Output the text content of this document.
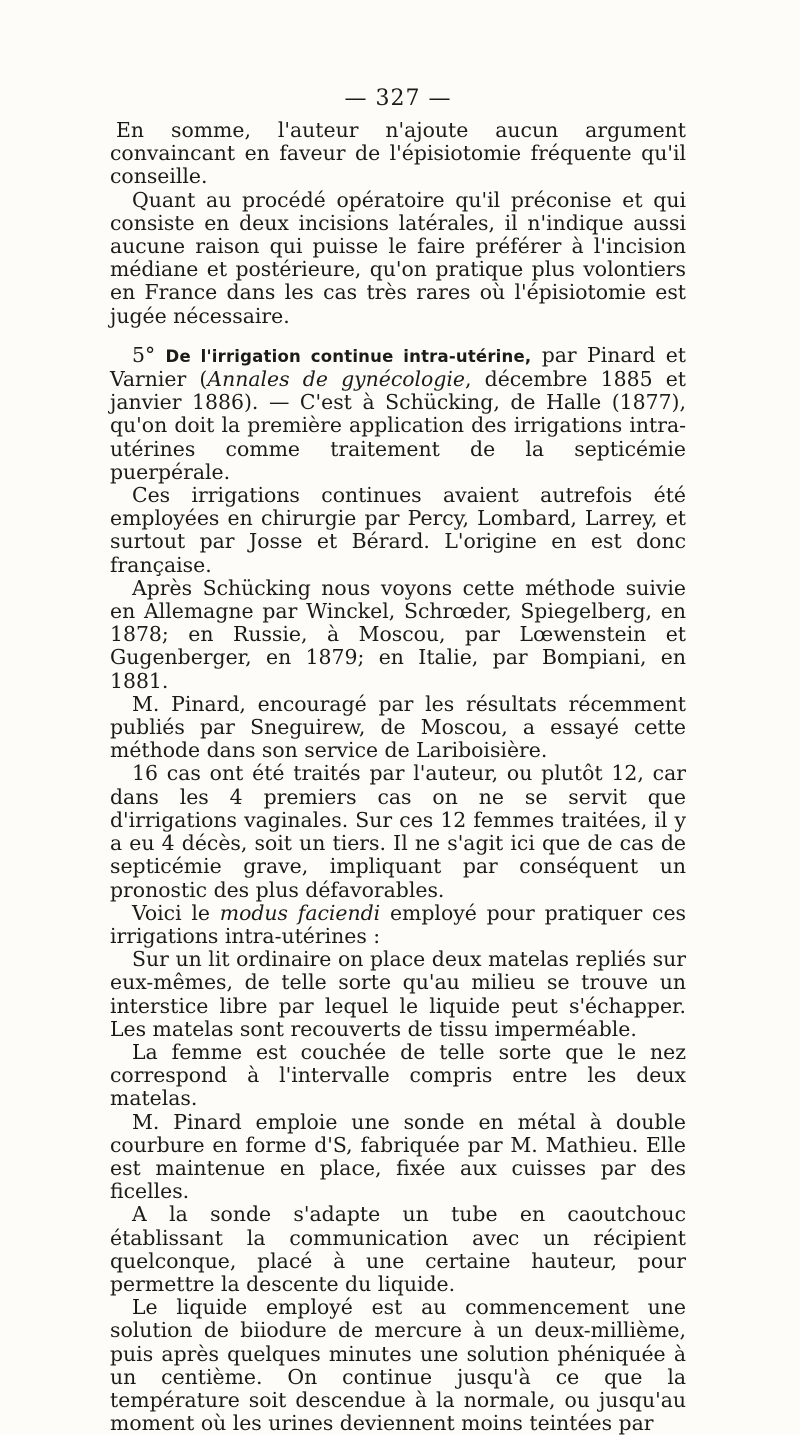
— 327 —

En somme, l'auteur n'ajoute aucun argument convaincant en faveur de l'épisiotomie fréquente qu'il conseille.

Quant au procédé opératoire qu'il préconise et qui consiste en deux incisions latérales, il n'indique aussi aucune raison qui puisse le faire préférer à l'incision médiane et postérieure, qu'on pratique plus volontiers en France dans les cas très rares où l'épisiotomie est jugée nécessaire.

5° De l'irrigation continue intra-utérine, par Pinard et Varnier (Annales de gynécologie, décembre 1885 et janvier 1886). — C'est à Schücking, de Halle (1877), qu'on doit la première application des irrigations intra-utérines comme traitement de la septicémie puerpérale.

Ces irrigations continues avaient autrefois été employées en chirurgie par Percy, Lombard, Larrey, et surtout par Josse et Bérard. L'origine en est donc française.

Après Schücking nous voyons cette méthode suivie en Allemagne par Winckel, Schrœder, Spiegelberg, en 1878; en Russie, à Moscou, par Lœwenstein et Gugenberger, en 1879; en Italie, par Bompiani, en 1881.

M. Pinard, encouragé par les résultats récemment publiés par Sneguirew, de Moscou, a essayé cette méthode dans son service de Lariboisière.

16 cas ont été traités par l'auteur, ou plutôt 12, car dans les 4 premiers cas on ne se servit que d'irrigations vaginales. Sur ces 12 femmes traitées, il y a eu 4 décès, soit un tiers. Il ne s'agit ici que de cas de septicémie grave, impliquant par conséquent un pronostic des plus défavorables.

Voici le modus faciendi employé pour pratiquer ces irrigations intra-utérines :

Sur un lit ordinaire on place deux matelas repliés sur eux-mêmes, de telle sorte qu'au milieu se trouve un interstice libre par lequel le liquide peut s'échapper. Les matelas sont recouverts de tissu imperméable.

La femme est couchée de telle sorte que le nez correspond à l'intervalle compris entre les deux matelas.

M. Pinard emploie une sonde en métal à double courbure en forme d'S, fabriquée par M. Mathieu. Elle est maintenue en place, fixée aux cuisses par des ficelles.

A la sonde s'adapte un tube en caoutchouc établissant la communication avec un récipient quelconque, placé à une certaine hauteur, pour permettre la descente du liquide.

Le liquide employé est au commencement une solution de biiodure de mercure à un deux-millième, puis après quelques minutes une solution phéniquée à un centième. On continue jusqu'à ce que la température soit descendue à la normale, ou jusqu'au moment où les urines deviennent moins teintées par
